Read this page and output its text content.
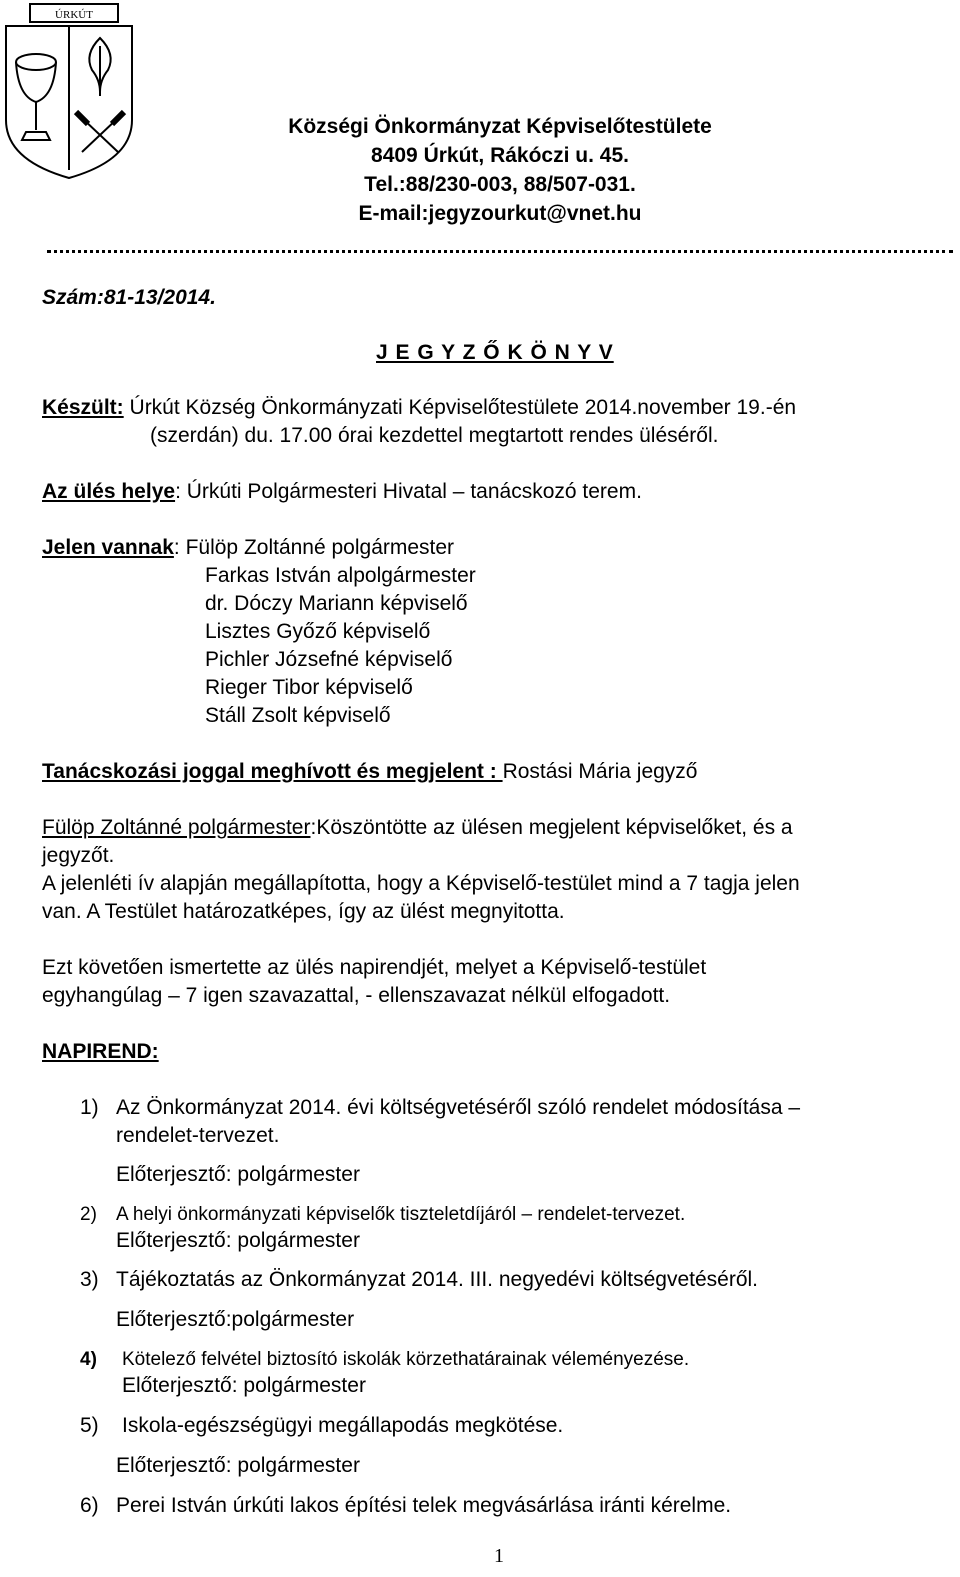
ÚRKÚT
Községi Önkormányzat Képviselőtestülete
8409 Úrkút, Rákóczi u. 45.
Tel.:88/230-003, 88/507-031.
E-mail:jegyzourkut@vnet.hu
Szám:81-13/2014.
J E G Y Z Ő K Ö N Y V
Készült: Úrkút Község Önkormányzati Képviselőtestülete 2014.november 19.-én
(szerdán) du. 17.00 órai kezdettel megtartott rendes üléséről.
Az ülés helye: Úrkúti Polgármesteri Hivatal – tanácskozó terem.
Jelen vannak: Fülöp Zoltánné polgármester
Farkas István alpolgármester
dr. Dóczy Mariann képviselő
Lisztes Győző képviselő
Pichler Józsefné képviselő
Rieger Tibor képviselő
Stáll Zsolt képviselő
Tanácskozási joggal meghívott és megjelent : Rostási Mária jegyző
Fülöp Zoltánné polgármester:Köszöntötte az ülésen megjelent képviselőket, és a
jegyzőt.
A jelenléti ív alapján megállapította, hogy a Képviselő-testület mind a 7 tagja jelen
van. A Testület határozatképes, így az ülést megnyitotta.
Ezt követően ismertette az ülés napirendjét, melyet a Képviselő-testület
egyhangúlag – 7 igen szavazattal, - ellenszavazat nélkül elfogadott.
NAPIREND:
1) Az Önkormányzat 2014. évi költségvetéséről szóló rendelet módosítása –
rendelet-tervezet.
Előterjesztő: polgármester
2) A helyi önkormányzati képviselők tiszteletdíjáról – rendelet-tervezet.
Előterjesztő: polgármester
3) Tájékoztatás az Önkormányzat 2014. III. negyedévi költségvetéséről.
Előterjesztő:polgármester
4) Kötelező felvétel biztosító iskolák körzethatárainak véleményezése.
Előterjesztő: polgármester
5) Iskola-egészségügyi megállapodás megkötése.
Előterjesztő: polgármester
6) Perei István úrkúti lakos építési telek megvásárlása iránti kérelme.
1
